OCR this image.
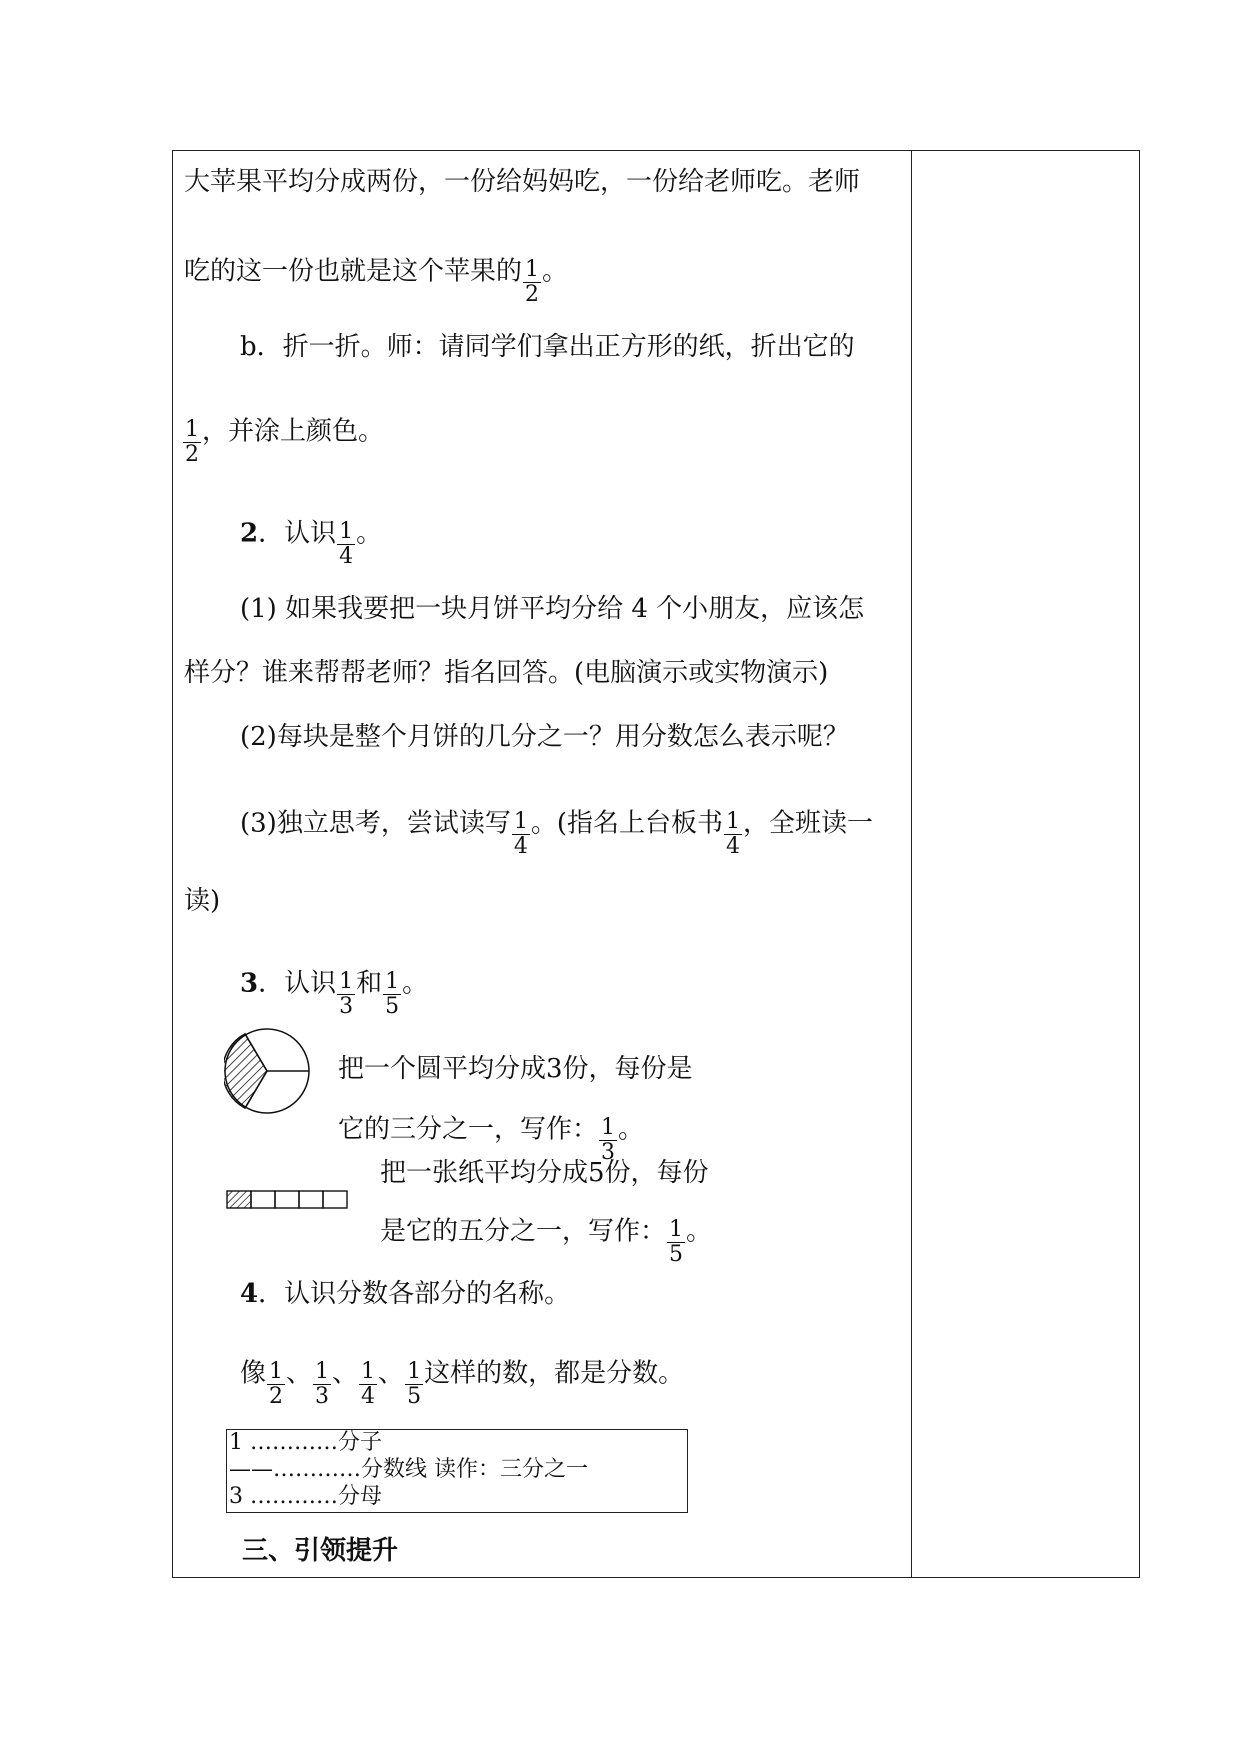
大苹果平均分成两份，一份给妈妈吃，一份给老师吃。老师
吃的这一份也就是这个苹果的 $\frac{1}{2}$ 。
b．折一折。师：请同学们拿出正方形的纸，折出它的
$\frac{1}{2}$ ，并涂上颜色。
2．认识 $\frac{1}{4}$ 。
(1) 如果我要把一块月饼平均分给 4 个小朋友，应该怎
样分？谁来帮帮老师？指名回答。(电脑演示或实物演示)
(2)每块是整个月饼的几分之一？用分数怎么表示呢？
(3)独立思考，尝试读写 $\frac{1}{4}$ 。(指名上台板书 $\frac{1}{4}$ ，全班读一
读)
3．认识 $\frac{1}{3}$ 和 $\frac{1}{5}$ 。
把一个圆平均分成3份，每份是
它的三分之一，写作： $\frac{1}{3}$ 。
把一张纸平均分成5份，每份
是它的五分之一，写作： $\frac{1}{5}$ 。
4．认识分数各部分的名称。
像 $\frac{1}{2}$ 、 $\frac{1}{3}$ 、 $\frac{1}{4}$ 、 $\frac{1}{5}$ 这样的数，都是分数。
1 …………分子
——…………分数线 读作：三分之一
3 …………分母
三、引领提升
